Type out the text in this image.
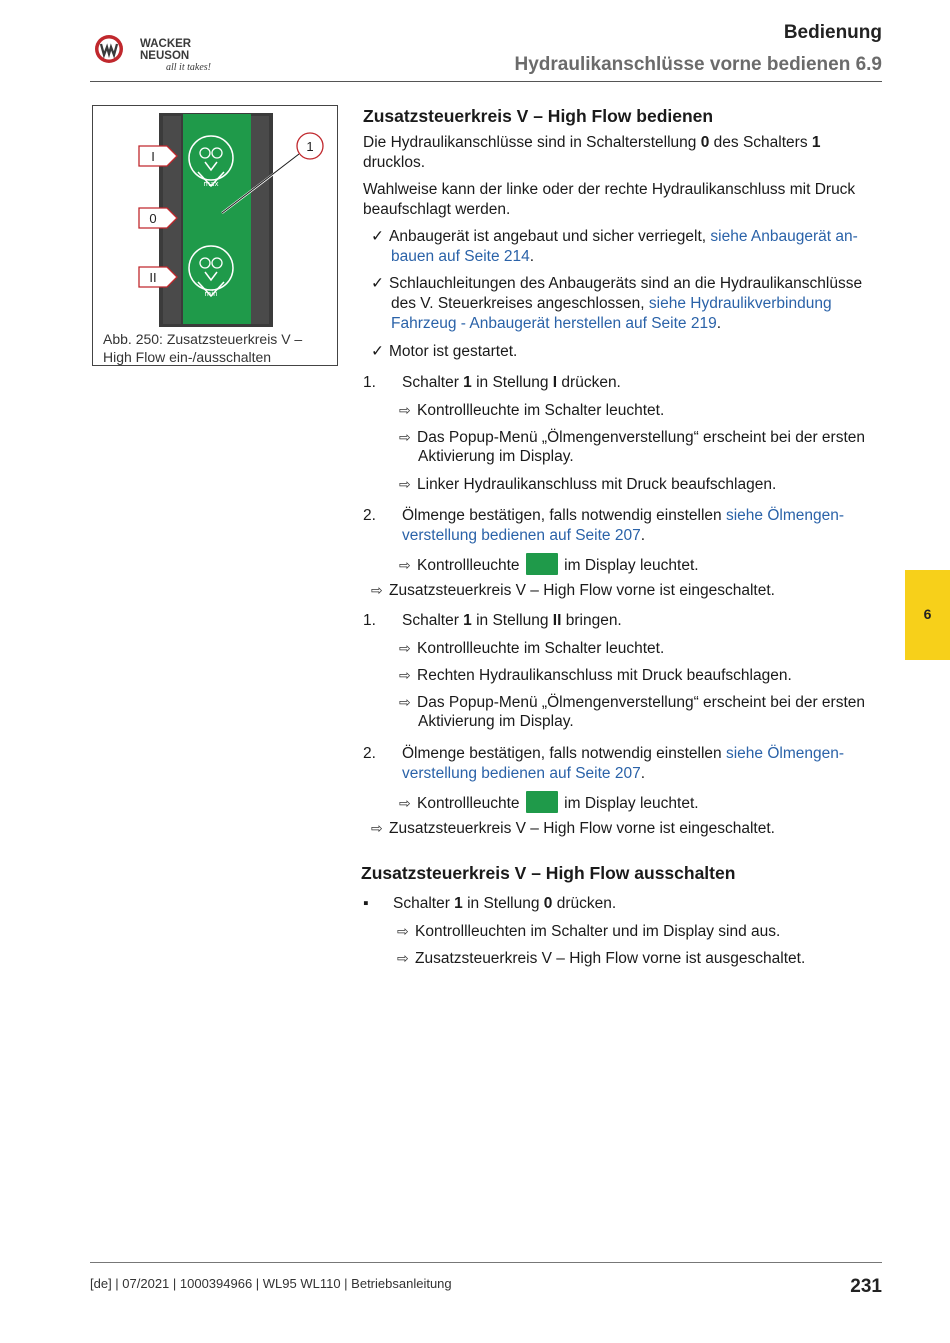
WACKER
NEUSON
all it takes!
Bedienung
Hydraulikanschlüsse vorne bedienen 6.9
max
min
1
I
0
II
Abb. 250: Zusatzsteuerkreis V – High Flow ein-/ausschalten
Zusatzsteuerkreis V – High Flow bedienen
Die Hydraulikanschlüsse sind in Schalterstellung 0 des Schalters 1
drucklos.
Wahlweise kann der linke oder der rechte Hydraulikanschluss mit Druck
beaufschlagt werden.
✓ Anbaugerät ist angebaut und sicher verriegelt, siehe Anbaugerät an-
bauen auf Seite 214.
✓ Schlauchleitungen des Anbaugeräts sind an die Hydraulikanschlüsse
des V. Steuerkreises angeschlossen, siehe Hydraulikverbindung
Fahrzeug - Anbaugerät herstellen auf Seite 219.
✓ Motor ist gestartet.
1. Schalter 1 in Stellung I drücken.
⇨ Kontrollleuchte im Schalter leuchtet.
⇨ Das Popup-Menü „Ölmengenverstellung“ erscheint bei der ersten
Aktivierung im Display.
⇨ Linker Hydraulikanschluss mit Druck beaufschlagen.
2. Ölmenge bestätigen, falls notwendig einstellen siehe Ölmengen-
verstellung bedienen auf Seite 207.
⇨ Kontrollleuchte	im Display leuchtet.
⇨ Zusatzsteuerkreis V – High Flow vorne ist eingeschaltet.
1. Schalter 1 in Stellung II bringen.
⇨ Kontrollleuchte im Schalter leuchtet.
⇨ Rechten Hydraulikanschluss mit Druck beaufschlagen.
⇨ Das Popup-Menü „Ölmengenverstellung“ erscheint bei der ersten
Aktivierung im Display.
2. Ölmenge bestätigen, falls notwendig einstellen siehe Ölmengen-
verstellung bedienen auf Seite 207.
⇨ Kontrollleuchte	im Display leuchtet.
⇨ Zusatzsteuerkreis V – High Flow vorne ist eingeschaltet.
Zusatzsteuerkreis V – High Flow ausschalten
▪ Schalter 1 in Stellung 0 drücken.
⇨ Kontrollleuchten im Schalter und im Display sind aus.
⇨ Zusatzsteuerkreis V – High Flow vorne ist ausgeschaltet.
6
[de] | 07/2021 | 1000394966 | WL95 WL110 | Betriebsanleitung	231
